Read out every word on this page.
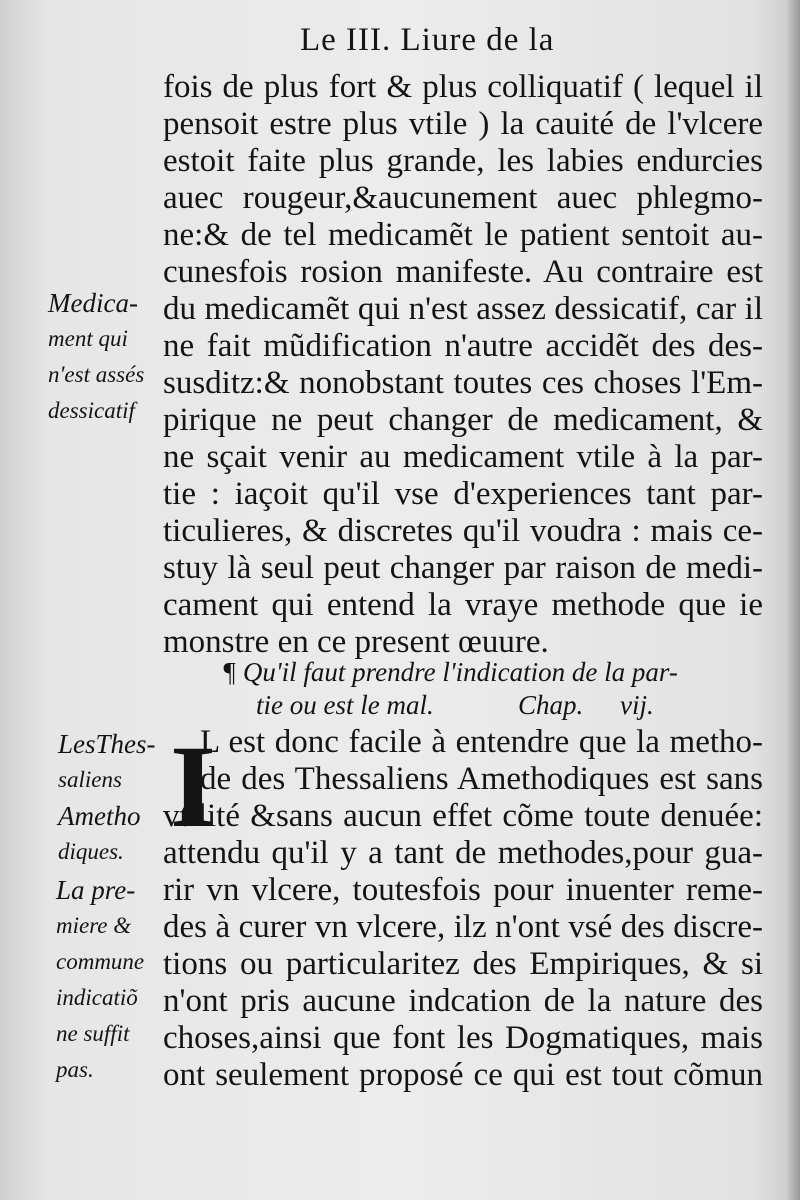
Le III. Liure de la
fois de plus fort & plus colliquatif ( lequel il
pensoit estre plus vtile ) la cauité de l'vlcere
estoit faite plus grande, les labies endurcies
auec rougeur,&aucunement auec phlegmo-
ne:& de tel medicamẽt le patient sentoit au-
cunesfois rosion manifeste. Au contraire est
du medicamẽt qui n'est assez dessicatif, car il
ne fait mũdification n'autre accidẽt des des-
susditz:& nonobstant toutes ces choses l'Em-
pirique ne peut changer de medicament, &
ne sçait venir au medicament vtile à la par-
tie : iaçoit qu'il vse d'experiences tant par-
ticulieres, & discretes qu'il voudra : mais ce-
stuy là seul peut changer par raison de medi-
cament qui entend la vraye methode que ie
monstre en ce present œuure.
Medica-
ment qui
n'est assés
dessicatif
¶ Qu'il faut prendre l'indication de la par-
tie ou est le mal.	Chap. vij.
I
L est donc facile à entendre que la metho-
de des Thessaliens Amethodiques est sans
vtilité &sans aucun effet cõme toute denuée:
attendu qu'il y a tant de methodes,pour gua-
rir vn vlcere, toutesfois pour inuenter reme-
des à curer vn vlcere, ilz n'ont vsé des discre-
tions ou particularitez des Empiriques, & si
n'ont pris aucune indcation de la nature des
choses,ainsi que font les Dogmatiques, mais
ont seulement proposé ce qui est tout cõmun
LesThes-
saliens
Ametho
diques.
La pre-
miere &
commune
indicatiõ
ne suffit
pas.
